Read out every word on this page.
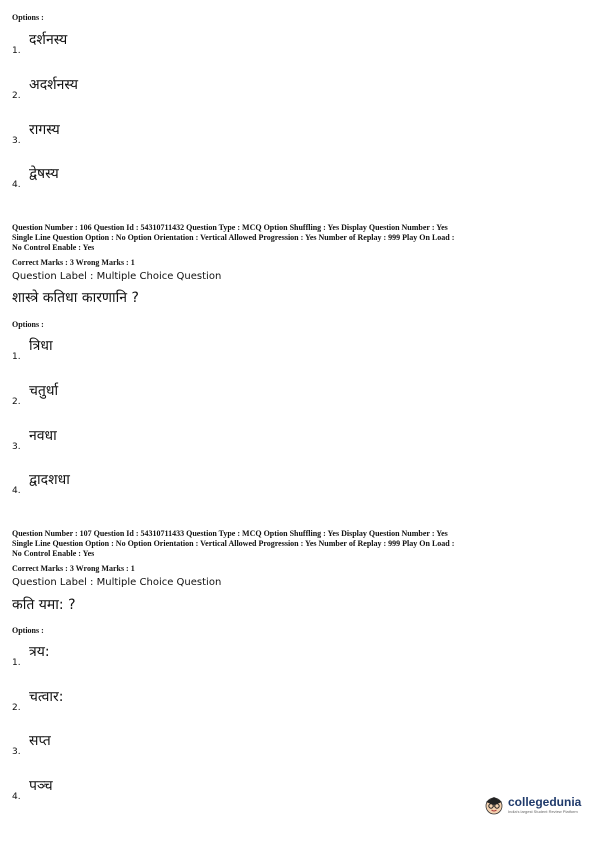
Options :
दर्शनस्य
1.
अदर्शनस्य
2.
रागस्य
3.
द्वेषस्य
4.
Question Number : 106 Question Id : 54310711432 Question Type : MCQ Option Shuffling : Yes Display Question Number : Yes
Single Line Question Option : No Option Orientation : Vertical Allowed Progression : Yes Number of Replay : 999 Play On Load :
No Control Enable : Yes
Correct Marks : 3 Wrong Marks : 1
Question Label : Multiple Choice Question
शास्त्रे कतिधा कारणानि ?
Options :
त्रिधा
1.
चतुर्धा
2.
नवधा
3.
द्वादशधा
4.
Question Number : 107 Question Id : 54310711433 Question Type : MCQ Option Shuffling : Yes Display Question Number : Yes
Single Line Question Option : No Option Orientation : Vertical Allowed Progression : Yes Number of Replay : 999 Play On Load :
No Control Enable : Yes
Correct Marks : 3 Wrong Marks : 1
Question Label : Multiple Choice Question
कति यमा: ?
Options :
त्रय:
1.
चत्वार:
2.
सप्त
3.
पञ्च
4.	collegedunia
India's largest Student Review Platform
